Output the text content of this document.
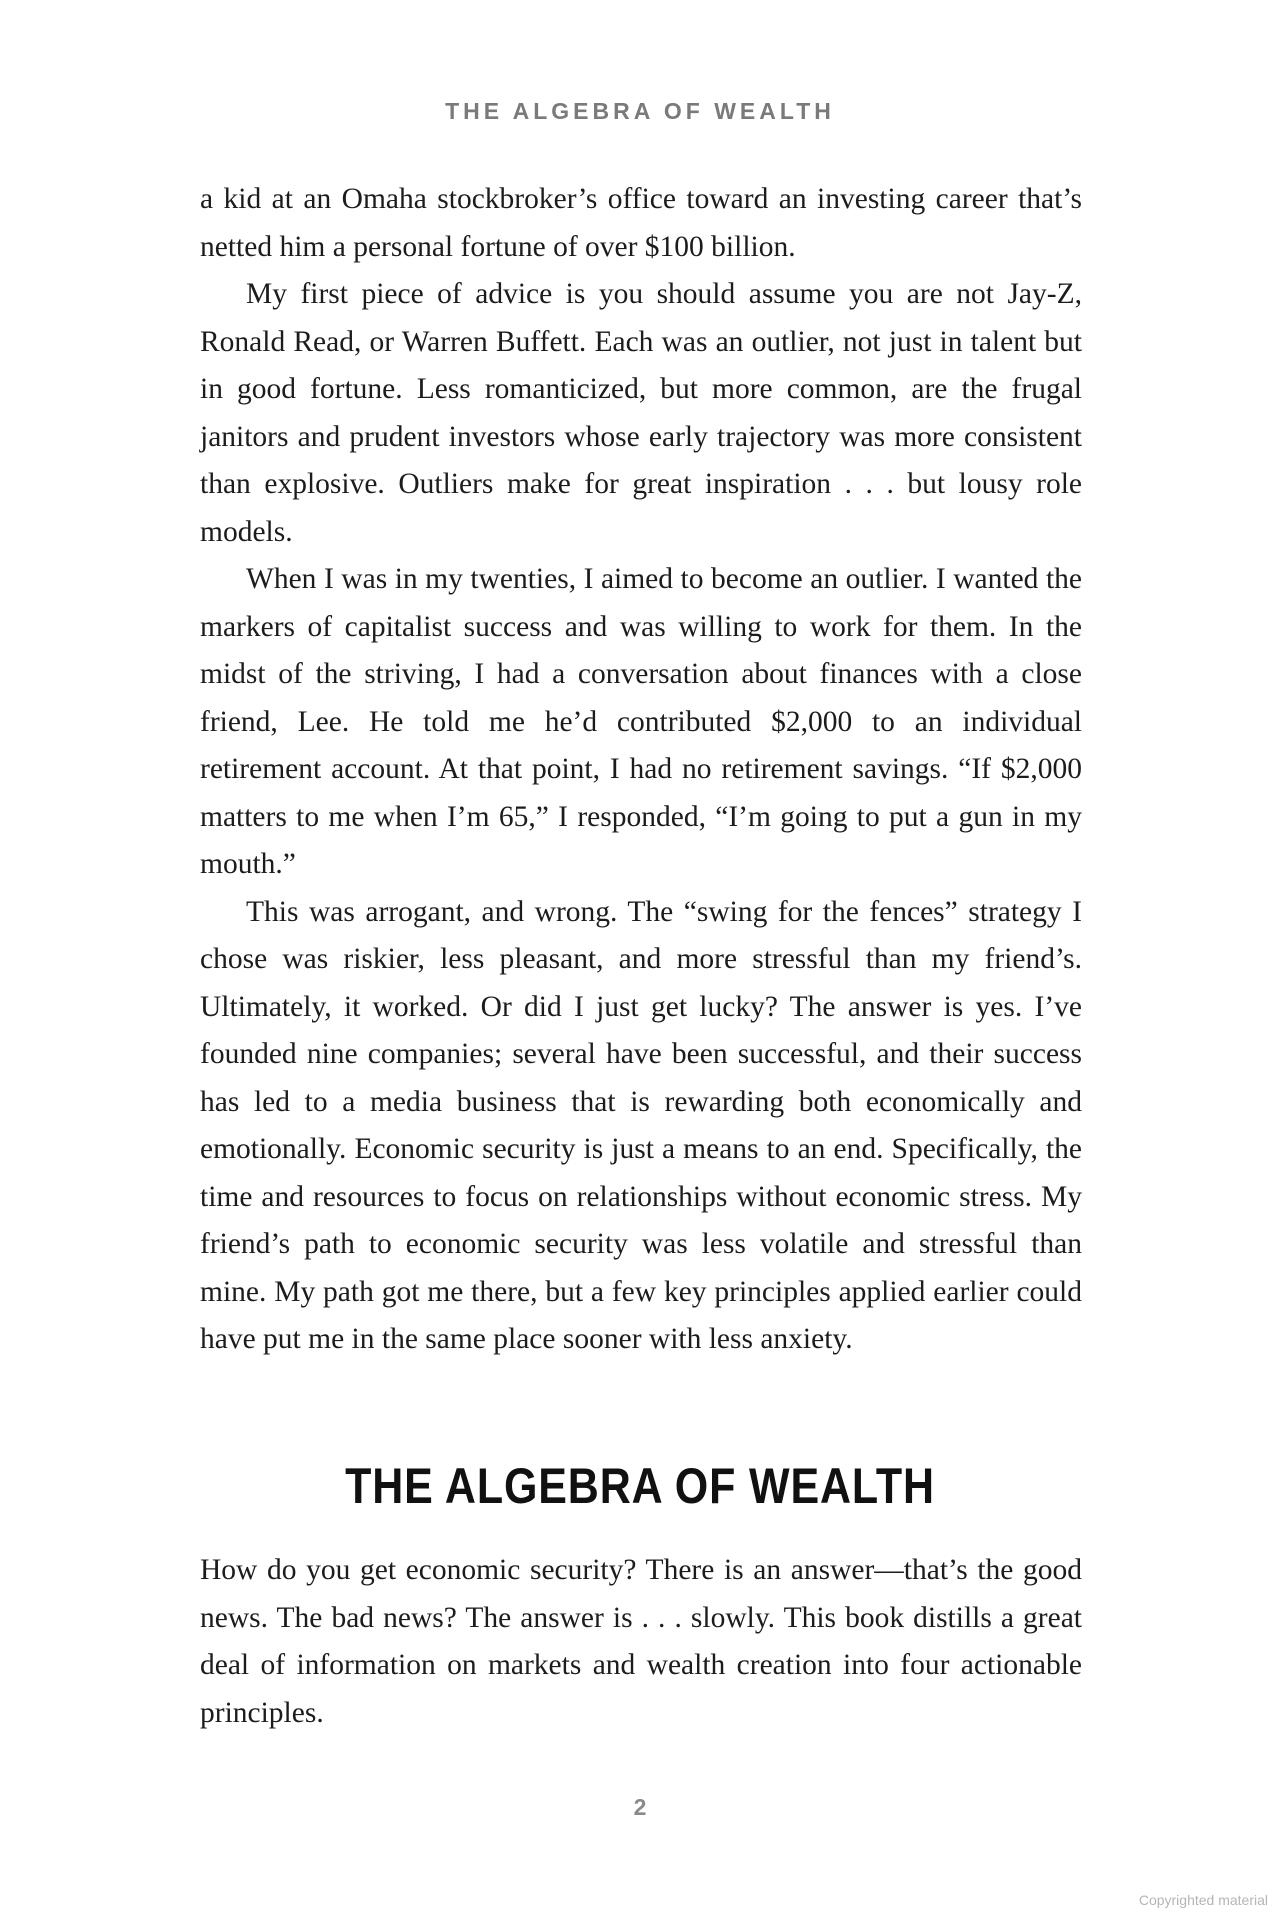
THE ALGEBRA OF WEALTH

a kid at an Omaha stockbroker’s office toward an investing career that’s netted him a personal fortune of over $100 billion.

My first piece of advice is you should assume you are not Jay-Z, Ronald Read, or Warren Buffett. Each was an outlier, not just in talent but in good fortune. Less romanticized, but more common, are the frugal janitors and prudent investors whose early trajectory was more consistent than explosive. Outliers make for great inspiration . . . but lousy role models.

When I was in my twenties, I aimed to become an outlier. I wanted the markers of capitalist success and was willing to work for them. In the midst of the striving, I had a conversation about finances with a close friend, Lee. He told me he’d contributed $2,000 to an individual retirement account. At that point, I had no retirement savings. “If $2,000 matters to me when I’m 65,” I responded, “I’m going to put a gun in my mouth.”

This was arrogant, and wrong. The “swing for the fences” strategy I chose was riskier, less pleasant, and more stressful than my friend’s. Ultimately, it worked. Or did I just get lucky? The answer is yes. I’ve founded nine companies; several have been successful, and their success has led to a media business that is rewarding both economically and emotionally. Economic security is just a means to an end. Specifically, the time and resources to focus on relationships without economic stress. My friend’s path to economic security was less volatile and stressful than mine. My path got me there, but a few key principles applied earlier could have put me in the same place sooner with less anxiety.

THE ALGEBRA OF WEALTH

How do you get economic security? There is an answer—that’s the good news. The bad news? The answer is . . . slowly. This book distills a great deal of information on markets and wealth creation into four actionable principles.

2
Copyrighted material
